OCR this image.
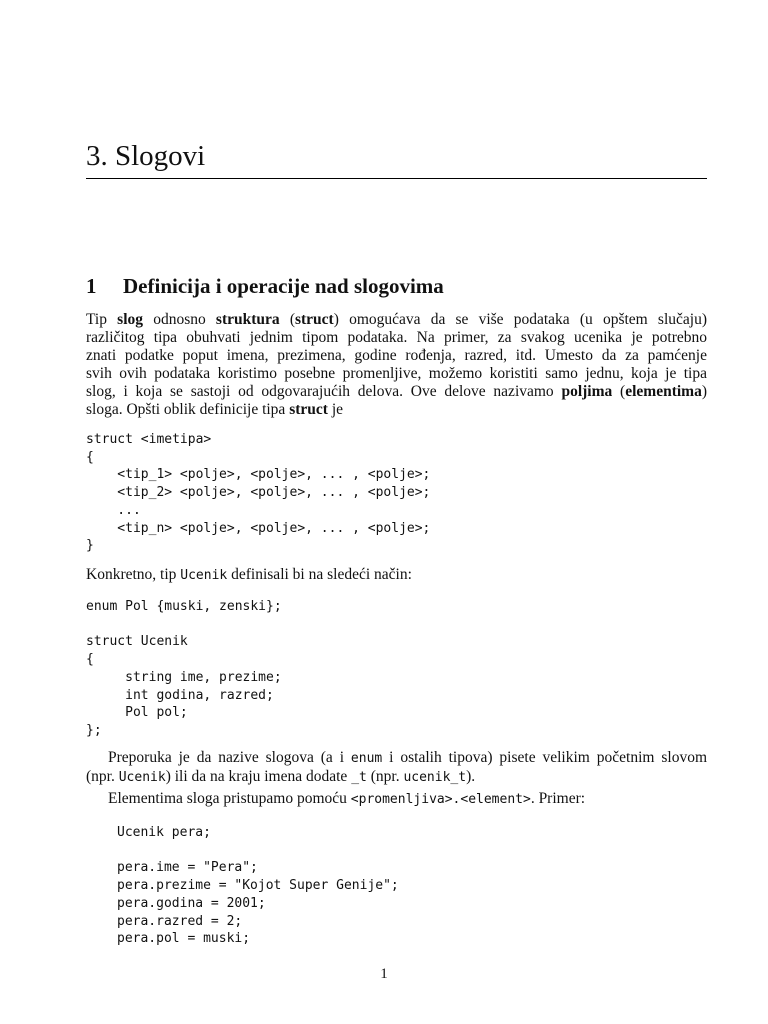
3. Slogovi
1 Definicija i operacije nad slogovima
Tip slog odnosno struktura (struct) omogućava da se više podataka (u opštem slučaju)
različitog tipa obuhvati jednim tipom podataka. Na primer, za svakog ucenika je potrebno
znati podatke poput imena, prezimena, godine rođenja, razred, itd. Umesto da za pamćenje
svih ovih podataka koristimo posebne promenljive, možemo koristiti samo jednu, koja je tipa
slog, i koja se sastoji od odgovarajućih delova. Ove delove nazivamo poljima (elementima)
sloga. Opšti oblik definicije tipa struct je
struct <imetipa>
{
<tip_1> <polje>, <polje>, ... , <polje>;
<tip_2> <polje>, <polje>, ... , <polje>;
...
<tip_n> <polje>, <polje>, ... , <polje>;
}

Konkretno, tip Ucenik definisali bi na sledeći način:

enum Pol {muski, zenski};

struct Ucenik
{
string ime, prezime;
int godina, razred;
Pol pol;
};
Preporuka je da nazive slogova (a i enum i ostalih tipova) pisete velikim početnim slovom
(npr. Ucenik) ili da na kraju imena dodate _t (npr. ucenik_t).

Elementima sloga pristupamo pomoću <promenljiva>.<element>. Primer:

Ucenik pera;

pera.ime = "Pera";
pera.prezime = "Kojot Super Genije";
pera.godina = 2001;
pera.razred = 2;
pera.pol = muski;
1
